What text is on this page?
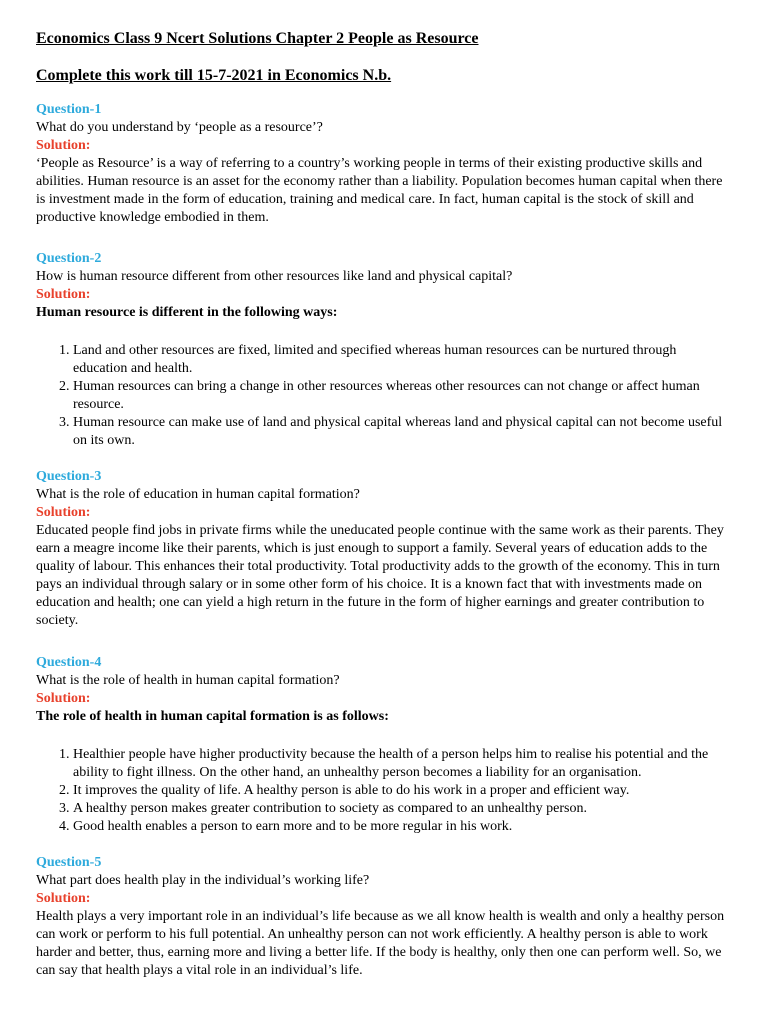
Economics Class 9 Ncert Solutions Chapter 2 People as Resource

Complete this work till 15-7-2021 in Economics N.b.

Question-1

What do you understand by ‘people as a resource’?

Solution:

‘People as Resource’ is a way of referring to a country’s working people in terms of their existing productive skills and abilities. Human resource is an asset for the economy rather than a liability. Population becomes human capital when there is investment made in the form of education, training and medical care. In fact, human capital is the stock of skill and productive knowledge embodied in them.

Question-2

How is human resource different from other resources like land and physical capital?

Solution:

Human resource is different in the following ways:

1. Land and other resources are fixed, limited and specified whereas human resources can be nurtured through education and health.
2. Human resources can bring a change in other resources whereas other resources can not change or affect human resource.
3. Human resource can make use of land and physical capital whereas land and physical capital can not become useful on its own.

Question-3

What is the role of education in human capital formation?

Solution:

Educated people find jobs in private firms while the uneducated people continue with the same work as their parents. They earn a meagre income like their parents, which is just enough to support a family. Several years of education adds to the quality of labour. This enhances their total productivity. Total productivity adds to the growth of the economy. This in turn pays an individual through salary or in some other form of his choice. It is a known fact that with investments made on education and health; one can yield a high return in the future in the form of higher earnings and greater contribution to society.

Question-4

What is the role of health in human capital formation?

Solution:

The role of health in human capital formation is as follows:

1. Healthier people have higher productivity because the health of a person helps him to realise his potential and the ability to fight illness. On the other hand, an unhealthy person becomes a liability for an organisation.
2. It improves the quality of life. A healthy person is able to do his work in a proper and efficient way.
3. A healthy person makes greater contribution to society as compared to an unhealthy person.
4. Good health enables a person to earn more and to be more regular in his work.

Question-5

What part does health play in the individual’s working life?

Solution:

Health plays a very important role in an individual’s life because as we all know health is wealth and only a healthy person can work or perform to his full potential. An unhealthy person can not work efficiently. A healthy person is able to work harder and better, thus, earning more and living a better life. If the body is healthy, only then one can perform well. So, we can say that health plays a vital role in an individual’s life.
